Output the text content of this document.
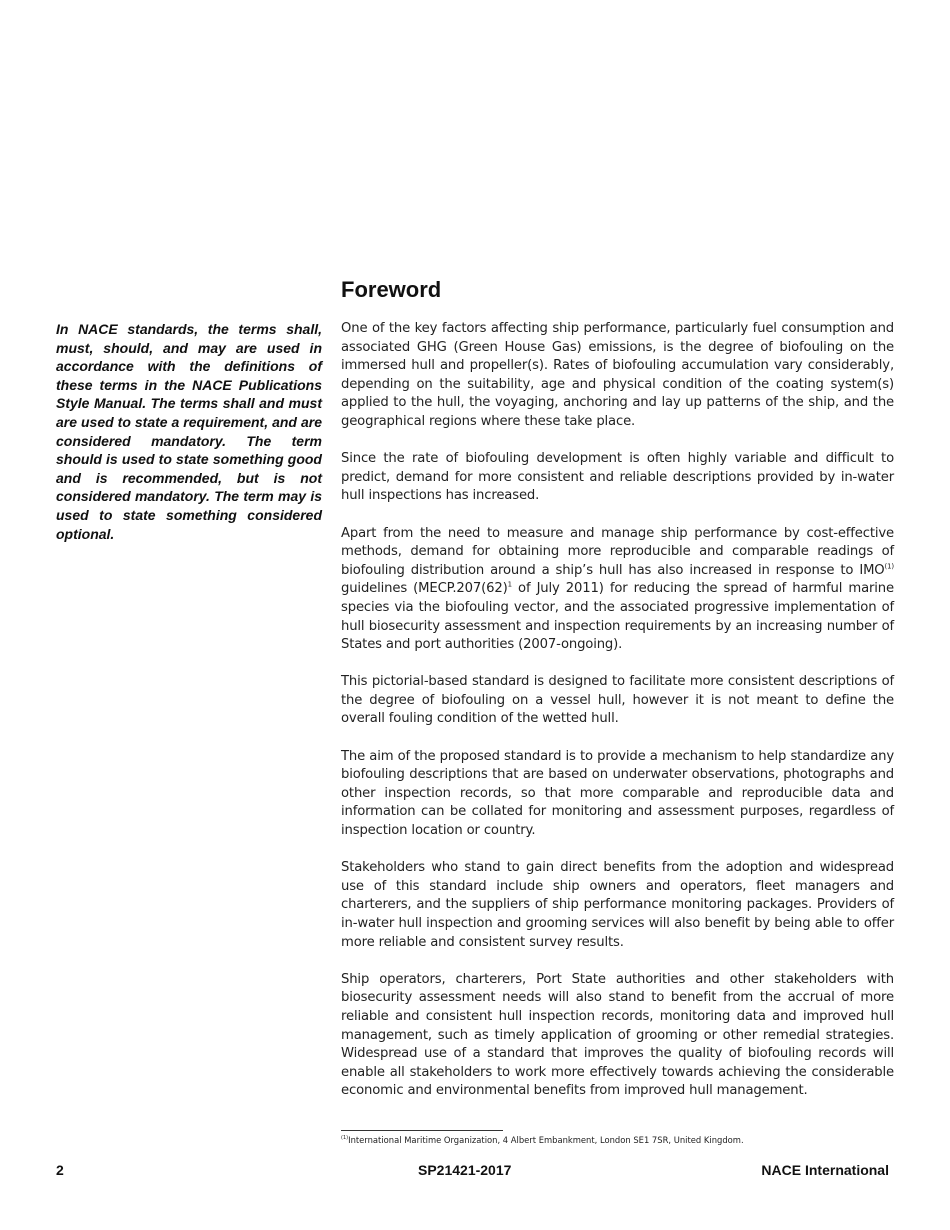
In NACE standards, the terms shall, must, should, and may are used in accordance with the definitions of these terms in the NACE Publications Style Manual. The terms shall and must are used to state a requirement, and are considered mandatory. The term should is used to state something good and is recommended, but is not considered mandatory. The term may is used to state something considered optional.

Foreword

One of the key factors affecting ship performance, particularly fuel consumption and associated GHG (Green House Gas) emissions, is the degree of biofouling on the immersed hull and propeller(s). Rates of biofouling accumulation vary considerably, depending on the suitability, age and physical condition of the coating system(s) applied to the hull, the voyaging, anchoring and lay up patterns of the ship, and the geographical regions where these take place.

Since the rate of biofouling development is often highly variable and difficult to predict, demand for more consistent and reliable descriptions provided by in-water hull inspections has increased.

Apart from the need to measure and manage ship performance by cost-effective methods, demand for obtaining more reproducible and comparable readings of biofouling distribution around a ship’s hull has also increased in response to IMO$^{(1)}$ guidelines ($MECP.207(62)^1$ of July 2011) for reducing the spread of harmful marine species via the biofouling vector, and the associated progressive implementation of hull biosecurity assessment and inspection requirements by an increasing number of States and port authorities (2007-ongoing).

This pictorial-based standard is designed to facilitate more consistent descriptions of the degree of biofouling on a vessel hull, however it is not meant to define the overall fouling condition of the wetted hull.

The aim of the proposed standard is to provide a mechanism to help standardize any biofouling descriptions that are based on underwater observations, photographs and other inspection records, so that more comparable and reproducible data and information can be collated for monitoring and assessment purposes, regardless of inspection location or country.

Stakeholders who stand to gain direct benefits from the adoption and widespread use of this standard include ship owners and operators, fleet managers and charterers, and the suppliers of ship performance monitoring packages. Providers of in-water hull inspection and grooming services will also benefit by being able to offer more reliable and consistent survey results.

Ship operators, charterers, Port State authorities and other stakeholders with biosecurity assessment needs will also stand to benefit from the accrual of more reliable and consistent hull inspection records, monitoring data and improved hull management, such as timely application of grooming or other remedial strategies. Widespread use of a standard that improves the quality of biofouling records will enable all stakeholders to work more effectively towards achieving the considerable economic and environmental benefits from improved hull management.

$^{(1)}$International Maritime Organization, 4 Albert Embankment, London SE1 7SR, United Kingdom.
2	SP21421-2017	NACE International
